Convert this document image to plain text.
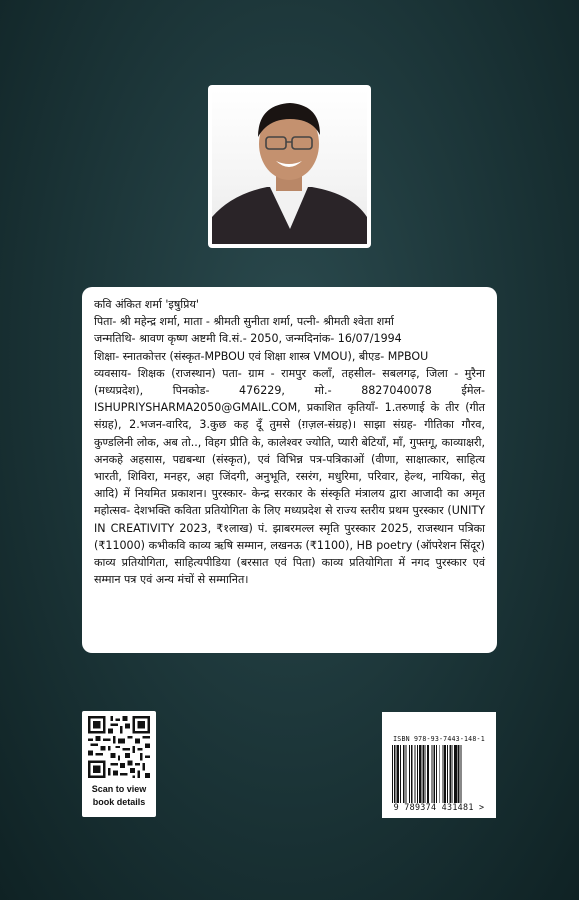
कवि अंकित शर्मा 'इषुप्रिय'

पिता- श्री महेन्द्र शर्मा, माता - श्रीमती सुनीता शर्मा, पत्नी- श्रीमती श्वेता शर्मा

जन्मतिथि- श्रावण कृष्ण अष्टमी वि.सं.- 2050, जन्मदिनांक- 16/07/1994

शिक्षा- स्नातकोत्तर (संस्कृत-MPBOU एवं शिक्षा शास्त्र VMOU), बीएड- MPBOU

व्यवसाय- शिक्षक (राजस्थान) पता- ग्राम - रामपुर कलाँ, तहसील- सबलगढ़, जिला - मुरैना (मध्यप्रदेश), पिनकोड- 476229, मो.- 8827040078 ईमेल- ISHUPRIYSHARMA2050@GMAIL.COM, प्रकाशित कृतियाँ- 1.तरुणाई के तीर (गीत संग्रह), 2.भजन-वारिद, 3.कुछ कह दूँ तुमसे (ग़ज़ल-संग्रह)। साझा संग्रह- गीतिका गौरव, कुण्डलिनी लोक, अब तो.., विहग प्रीति के, कालेश्वर ज्योति, प्यारी बेटियाँ, माँ, गुफ्तगू, काव्याक्षरी, अनकहे अहसास, पद्यबन्धा (संस्कृत), एवं विभिन्न पत्र-पत्रिकाओं (वीणा, साक्षात्कार, साहित्य भारती, शिविरा, मनहर, अहा जिंदगी, अनुभूति, रसरंग, मधुरिमा, परिवार, हेल्थ, नायिका, सेतु आदि) में नियमित प्रकाशन। पुरस्कार- केन्द्र सरकार के संस्कृति मंत्रालय द्वारा आजादी का अमृत महोत्सव- देशभक्ति कविता प्रतियोगिता के लिए मध्यप्रदेश से राज्य स्तरीय प्रथम पुरस्कार (UNITY IN CREATIVITY 2023, ₹१लाख) पं. झाबरमल्ल स्मृति पुरस्कार 2025, राजस्थान पत्रिका (₹11000) कभीकवि काव्य ऋषि सम्मान, लखनऊ (₹1100), HB poetry (ऑपरेशन सिंदूर) काव्य प्रतियोगिता, साहित्यपीडिया (बरसात एवं पिता) काव्य प्रतियोगिता में नगद पुरस्कार एवं सम्मान पत्र एवं अन्य मंचों से सम्मानित।

Scan to view
book details
ISBN 978-93-7443-148-1
9 789374 431481 >
